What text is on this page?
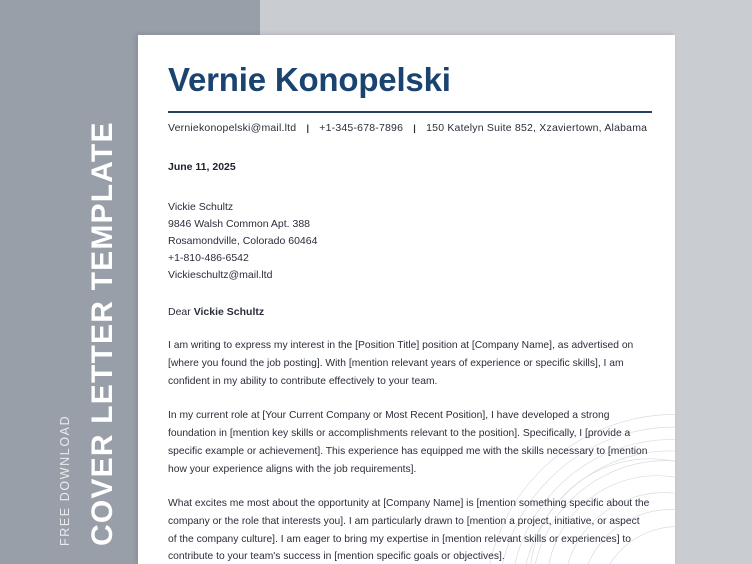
FREE DOWNLOAD COVER LETTER TEMPLATE
Vernie Konopelski
Verniekonopelski@mail.ltd | +1-345-678-7896 | 150 Katelyn Suite 852, Xzaviertown, Alabama
June 11, 2025
Vickie Schultz
9846 Walsh Common Apt. 388
Rosamondville, Colorado 60464
+1-810-486-6542
Vickieschultz@mail.ltd
Dear Vickie Schultz

I am writing to express my interest in the [Position Title] position at [Company Name], as advertised on [where you found the job posting]. With [mention relevant years of experience or specific skills], I am confident in my ability to contribute effectively to your team.

In my current role at [Your Current Company or Most Recent Position], I have developed a strong foundation in [mention key skills or accomplishments relevant to the position]. Specifically, I [provide a specific example or achievement]. This experience has equipped me with the skills necessary to [mention how your experience aligns with the job requirements].

What excites me most about the opportunity at [Company Name] is [mention something specific about the company or the role that interests you]. I am particularly drawn to [mention a project, initiative, or aspect of the company culture]. I am eager to bring my expertise in [mention relevant skills or experiences] to contribute to your team's success in [mention specific goals or objectives].
